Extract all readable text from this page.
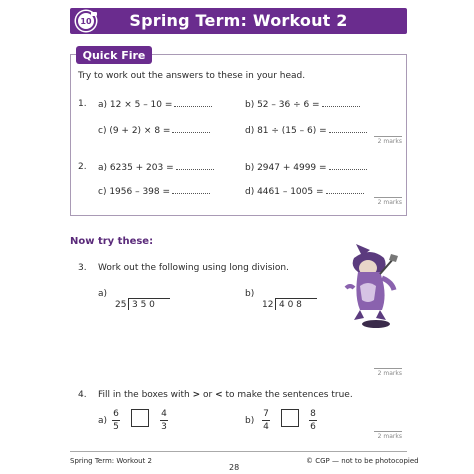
10	Spring Term: Workout 2
Quick Fire
Try to work out the answers to these in your head.
1. a) 12 × 5 – 10 =	b) 52 – 36 ÷ 6 =
c) (9 + 2) × 8 =	d) 81 ÷ (15 – 6) =
2 marks
2. a) 6235 + 203 =	b) 2947 + 4999 =
c) 1956 – 398 =	d) 4461 – 1005 =
2 marks
Now try these:
3. Work out the following using long division.
a)
25 3 5 0
b)
12 4 0 8
2 marks
4. Fill in the boxes with > or < to make the sentences true.
a)
6
5
4
3
b)
7
4
8
6
2 marks
Spring Term: Workout 2
28
© CGP — not to be photocopied
